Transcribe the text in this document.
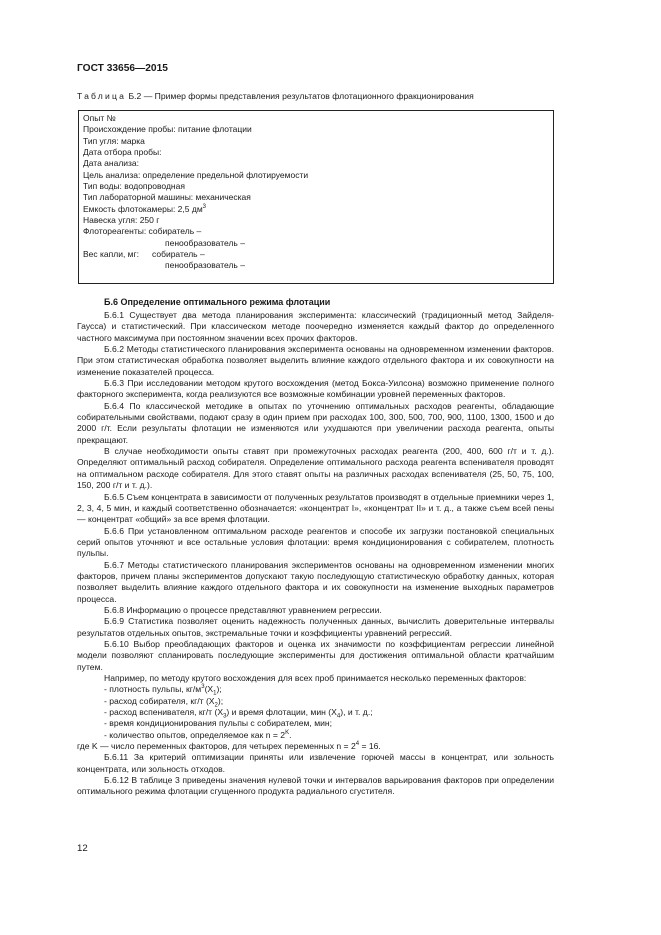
ГОСТ 33656—2015
Таблица Б.2 — Пример формы представления результатов флотационного фракционирования
Опыт №
Происхождение пробы: питание флотации
Тип угля: марка
Дата отбора пробы:
Дата анализа:
Цель анализа: определение предельной флотируемости
Тип воды: водопроводная
Тип лабораторной машины: механическая
Емкость флотокамеры: 2,5 $дм^3$
Навеска угля: 250 г
Флотореагенты: собиратель –
пенообразователь –
Вес капли, мг: собиратель –
пенообразователь –
Б.6 Определение оптимального режима флотации

Б.6.1 Существует два метода планирования эксперимента: классический (традиционный метод Зайделя-Гаусса) и статистический. При классическом методе поочередно изменяется каждый фактор до определенного частного максимума при постоянном значении всех прочих факторов.

Б.6.2 Методы статистического планирования эксперимента основаны на одновременном изменении факторов. При этом статистическая обработка позволяет выделить влияние каждого отдельного фактора и их совокупности на изменение показателей процесса.

Б.6.3 При исследовании методом крутого восхождения (метод Бокса-Уилсона) возможно применение полного факторного эксперимента, когда реализуются все возможные комбинации уровней переменных факторов.

Б.6.4 По классической методике в опытах по уточнению оптимальных расходов реагенты, обладающие собирательными свойствами, подают сразу в один прием при расходах 100, 300, 500, 700, 900, 1100, 1300, 1500 и до 2000 г/т. Если результаты флотации не изменяются или ухудшаются при увеличении расхода реагента, опыты прекращают.

В случае необходимости опыты ставят при промежуточных расходах реагента (200, 400, 600 г/т и т. д.). Определяют оптимальный расход собирателя. Определение оптимального расхода реагента вспенивателя проводят на оптимальном расходе собирателя. Для этого ставят опыты на различных расходах вспенивателя (25, 50, 75, 100, 150, 200 г/т и т. д.).

Б.6.5 Съем концентрата в зависимости от полученных результатов производят в отдельные приемники через 1, 2, 3, 4, 5 мин, и каждый соответственно обозначается: «концентрат I», «концентрат II» и т. д., а также съем всей пены — концентрат «общий» за все время флотации.

Б.6.6 При установленном оптимальном расходе реагентов и способе их загрузки постановкой специальных серий опытов уточняют и все остальные условия флотации: время кондиционирования с собирателем, плотность пульпы.

Б.6.7 Методы статистического планирования экспериментов основаны на одновременном изменении многих факторов, причем планы экспериментов допускают такую последующую статистическую обработку данных, которая позволяет выделить влияние каждого отдельного фактора и их совокупности на изменение выходных параметров процесса.

Б.6.8 Информацию о процессе представляют уравнением регрессии.

Б.6.9 Статистика позволяет оценить надежность полученных данных, вычислить доверительные интервалы результатов отдельных опытов, экстремальные точки и коэффициенты уравнений регрессий.

Б.6.10 Выбор преобладающих факторов и оценка их значимости по коэффициентам регрессии линейной модели позволяют спланировать последующие эксперименты для достижения оптимальной области кратчайшим путем.

Например, по методу крутого восхождения для всех проб принимается несколько переменных факторов:

- плотность пульпы, $кг/м^3(X_1)$;

- расход собирателя, кг/т $(X_2)$;

- расход вспенивателя, кг/т $(X_3)$ и время флотации, мин $(X_4)$, и т. д.;

- время кондиционирования пульпы с собирателем, мин;

- количество опытов, определяемое как $n = 2^K$.

где K — число переменных факторов, для четырех переменных $n = 2^4 = 16$.

Б.6.11 За критерий оптимизации приняты или извлечение горючей массы в концентрат, или зольность концентрата, или зольность отходов.

Б.6.12 В таблице 3 приведены значения нулевой точки и интервалов варьирования факторов при определении оптимального режима флотации сгущенного продукта радиального сгустителя.

12
